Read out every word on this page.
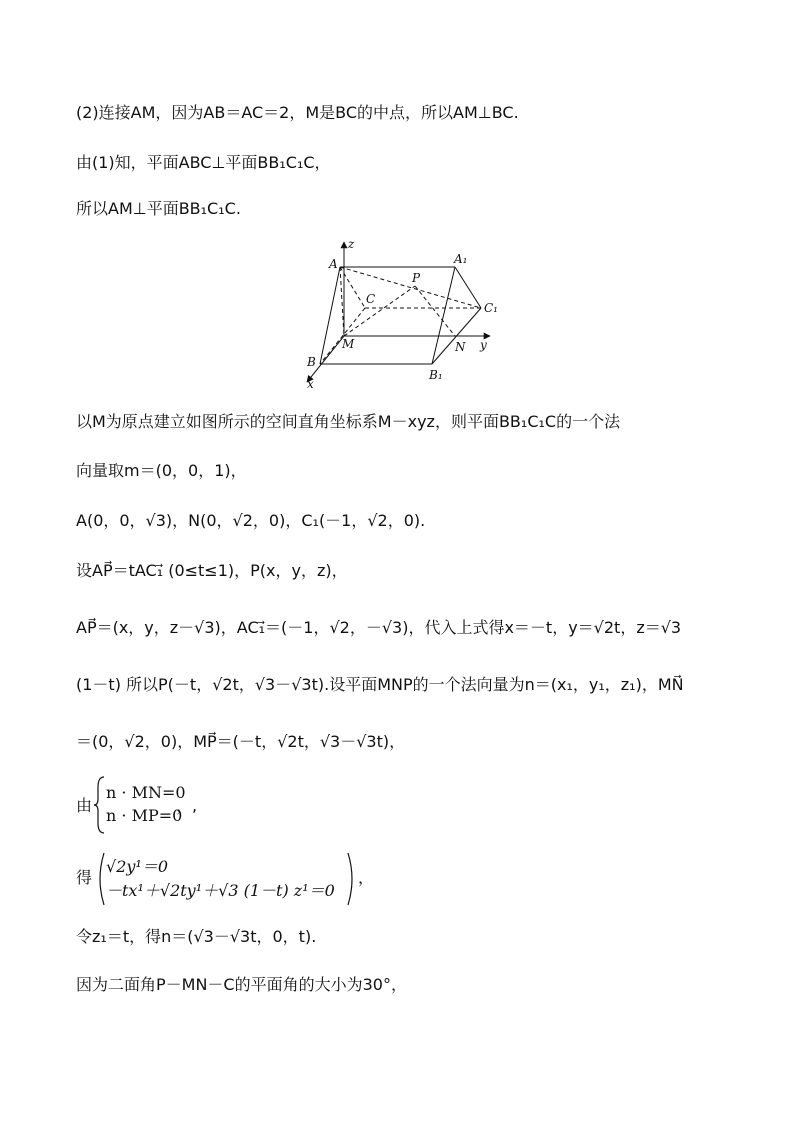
(2)连接AM，因为AB＝AC＝2，M是BC的中点，所以AM⊥BC.
由(1)知，平面ABC⊥平面BB₁C₁C，
所以AM⊥平面BB₁C₁C.
z
A	A₁
P
C
C₁
M	N y
B
B₁
x
以M为原点建立如图所示的空间直角坐标系M－xyz，则平面BB₁C₁C的一个法
向量取m＝(0，0，1)，
A(0，0，√3)，N(0，√2，0)，C₁(－1，√2，0).
设AP⃗＝tAC₁⃗ (0≤t≤1)，P(x，y，z)，
AP⃗＝(x，y，z－√3)，AC₁⃗＝(－1，√2，－√3)，代入上式得x＝－t，y＝√2t，z＝√3
(1－t) 所以P(－t，√2t，√3－√3t).设平面MNP的一个法向量为n＝(x₁，y₁，z₁)，MN⃗
＝(0，√2，0)，MP⃗＝(－t，√2t，√3－√3t)，
由
n · MN=0
n · MP=0
，,
得
√2y¹＝0
－tx¹＋√2ty¹＋√3 (1－t) z¹＝0
，
令z₁＝t，得n＝(√3－√3t，0，t).
因为二面角P－MN－C的平面角的大小为30°，
